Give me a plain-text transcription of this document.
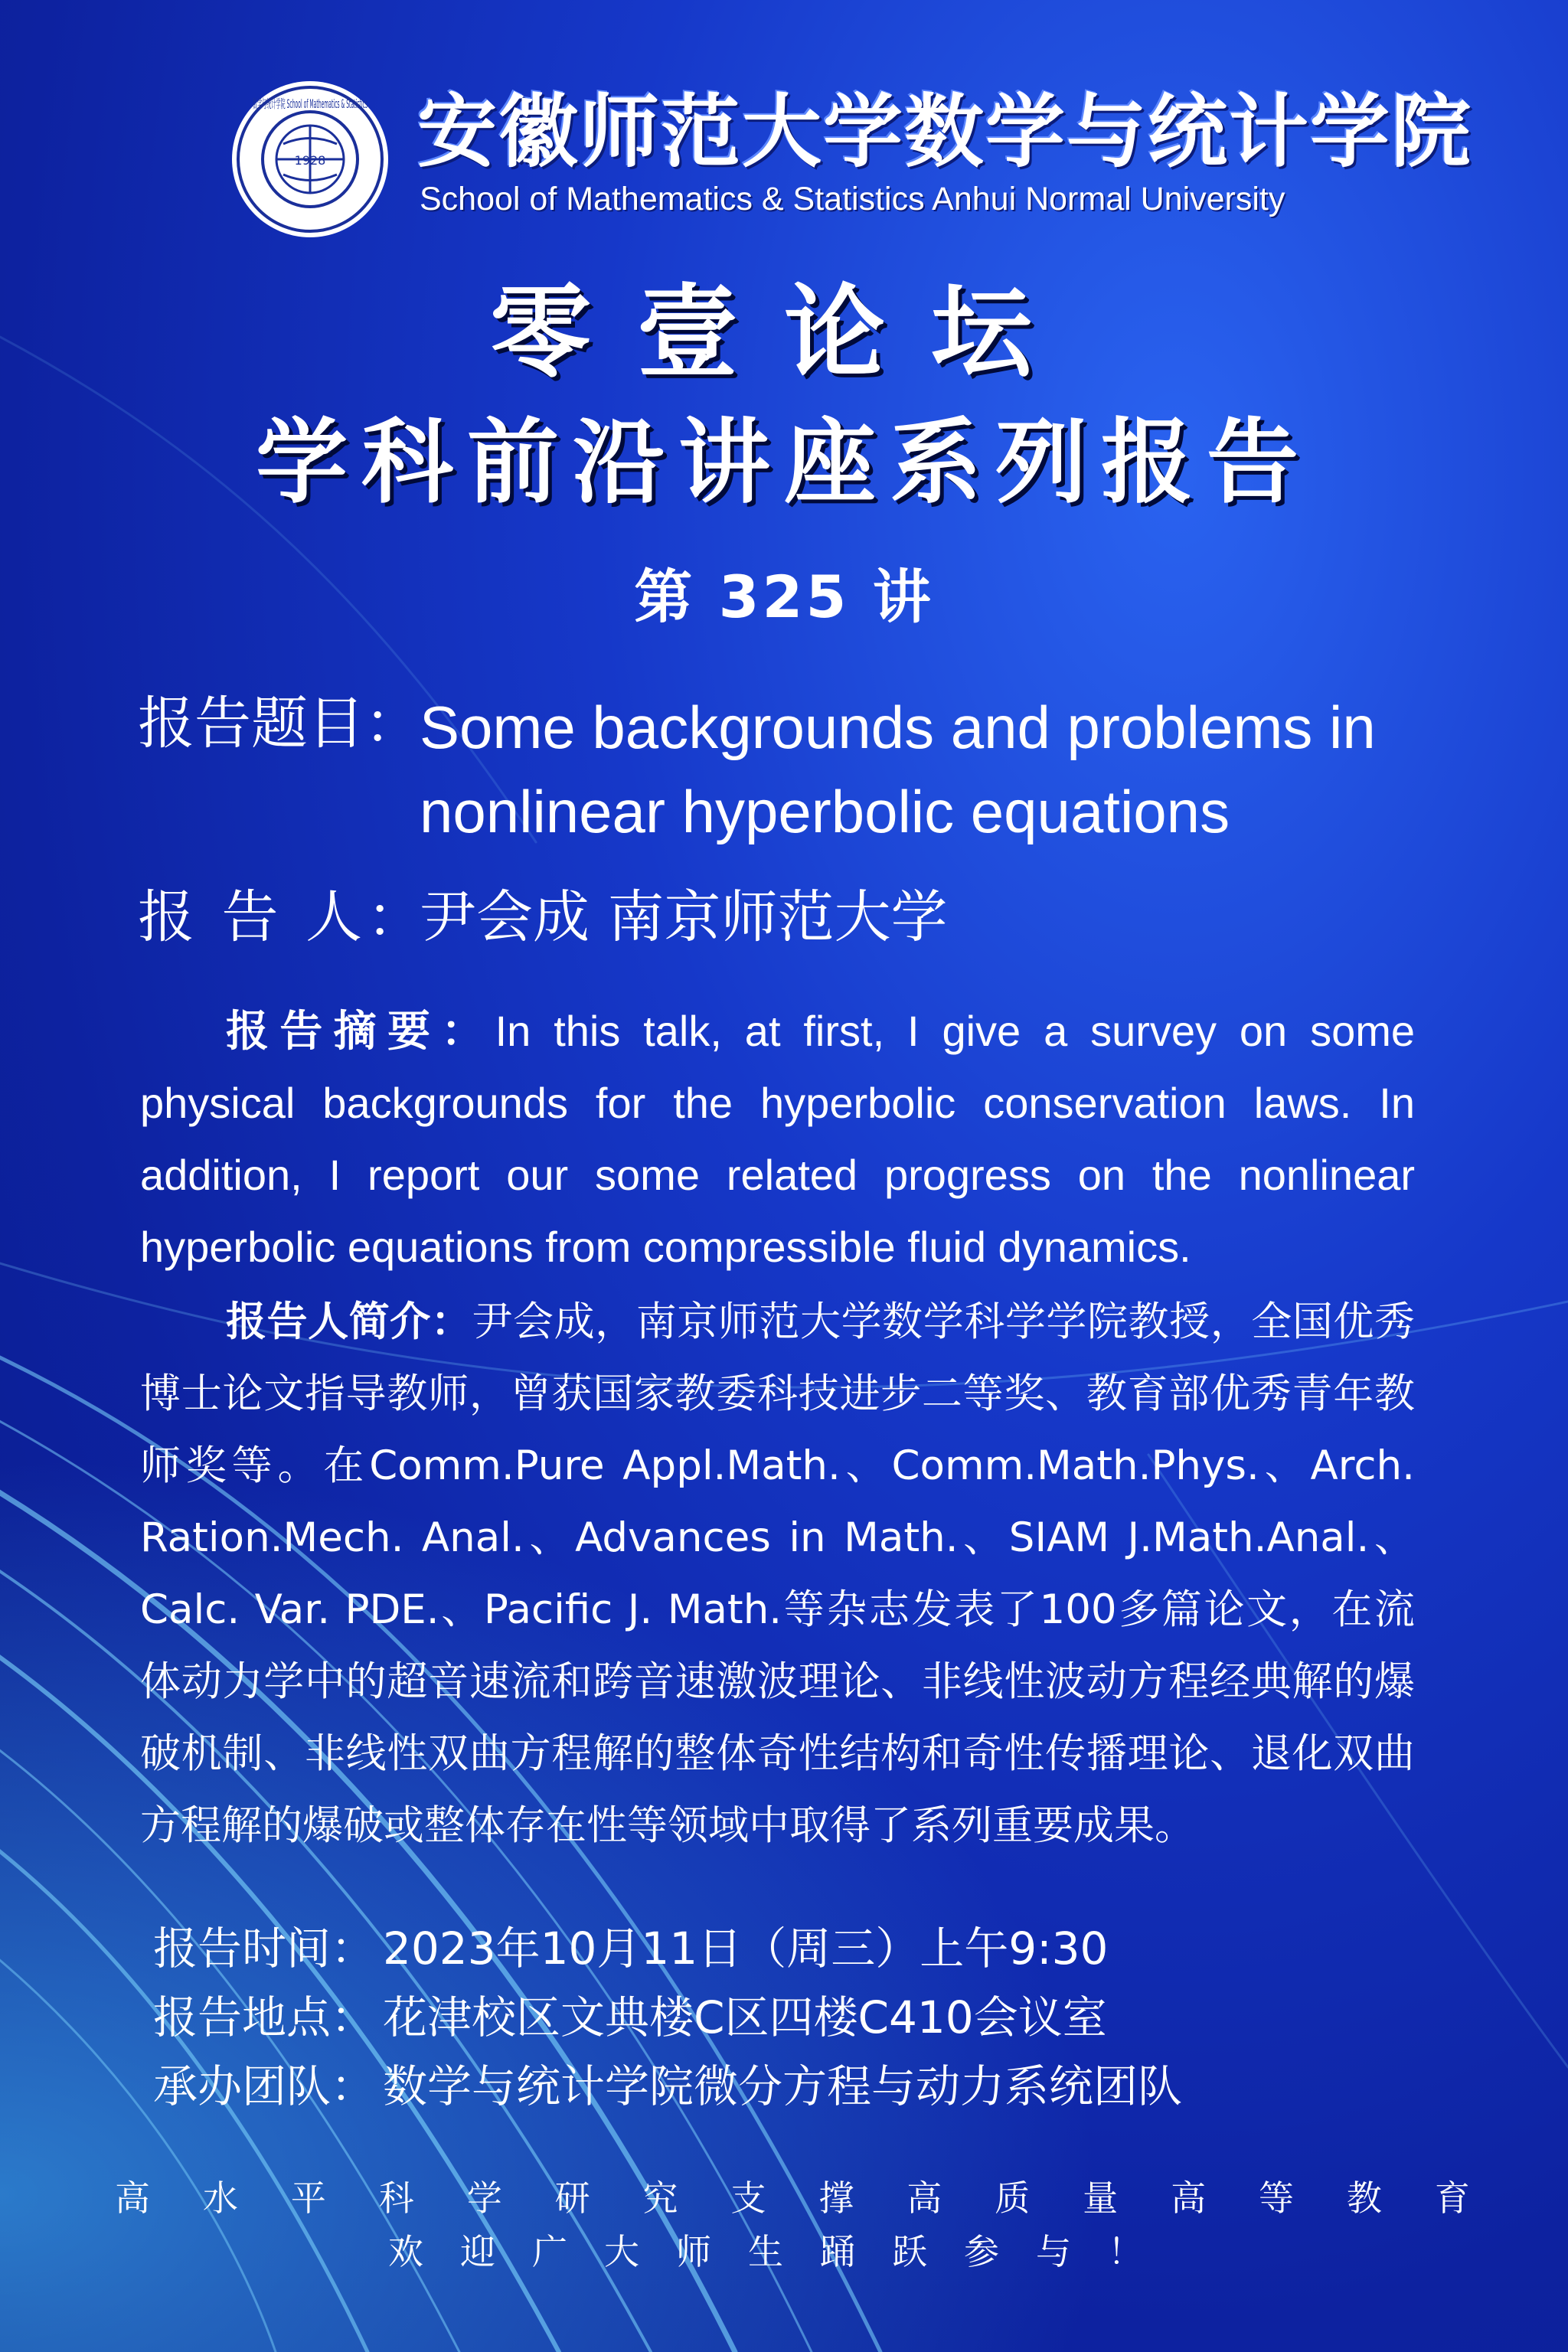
1928
数学与统计学院 School of Mathematics & Statistics 安徽师范大学数学与统计学院
School of Mathematics & Statistics Anhui Normal University
零壹论坛
学科前沿讲座系列报告
第 325 讲
报告题目：
Some backgrounds and problems in nonlinear hyperbolic equations
报 告 人：
尹会成 南京师范大学
报告摘要：In this talk, at first, I give a survey on some physical backgrounds for the hyperbolic conservation laws. In addition, I report our some related progress on the nonlinear hyperbolic equations from compressible fluid dynamics.
报告人简介：尹会成，南京师范大学数学科学学院教授，全国优秀博士论文指导教师，曾获国家教委科技进步二等奖、教育部优秀青年教师奖等。在Comm.Pure Appl.Math.、Comm.Math.Phys.、Arch. Ration.Mech. Anal.、Advances in Math.、SIAM J.Math.Anal.、Calc. Var. PDE.、Pacific J. Math.等杂志发表了100多篇论文，在流体动力学中的超音速流和跨音速激波理论、非线性波动方程经典解的爆破机制、非线性双曲方程解的整体奇性结构和奇性传播理论、退化双曲方程解的爆破或整体存在性等领域中取得了系列重要成果。
报告时间： 2023年10月11日（周三）上午9:30
报告地点： 花津校区文典楼C区四楼C410会议室
承办团队： 数学与统计学院微分方程与动力系统团队
高 水 平 科 学 研 究 支 撑 高 质 量 高 等 教 育
欢迎广大师生踊跃参与！
